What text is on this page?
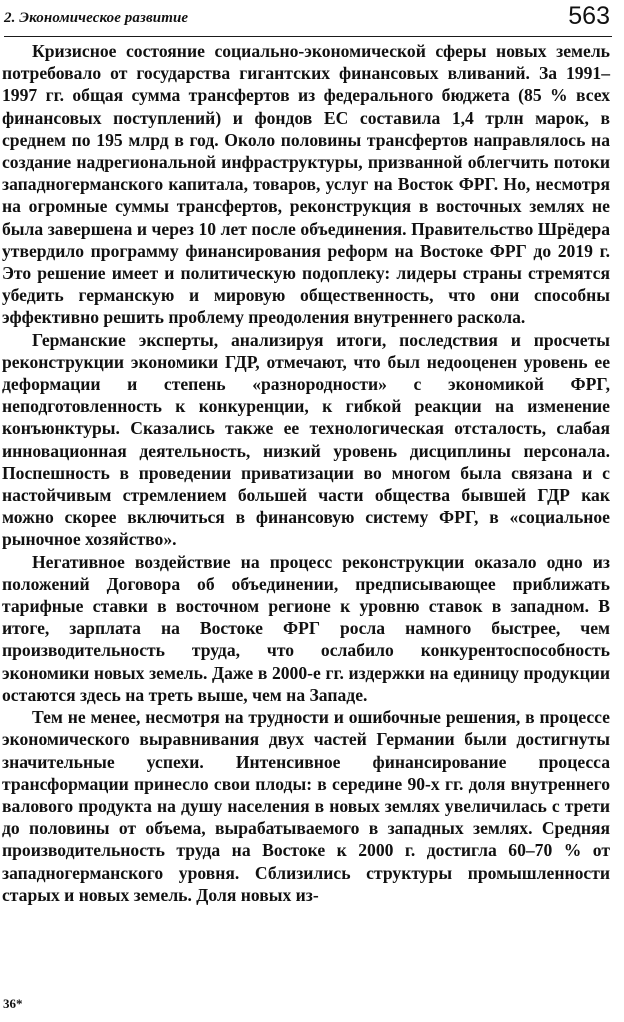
2. Экономическое развитие	563

Кризисное состояние социально-экономической сферы новых земель потребовало от государства гигантских финансовых вливаний. За 1991–1997 гг. общая сумма трансфертов из федерального бюджета (85 % всех финансовых поступлений) и фондов ЕС составила 1,4 трлн марок, в среднем по 195 млрд в год. Около половины трансфертов направлялось на создание надрегиональной инфраструктуры, призванной облегчить потоки западногерманского капитала, товаров, услуг на Восток ФРГ. Но, несмотря на огромные суммы трансфертов, реконструкция в восточных землях не была завершена и через 10 лет после объединения. Правительство Шрёдера утвердило программу финансирования реформ на Востоке ФРГ до 2019 г. Это решение имеет и политическую подоплеку: лидеры страны стремятся убедить германскую и мировую общественность, что они способны эффективно решить проблему преодоления внутреннего раскола.

Германские эксперты, анализируя итоги, последствия и просчеты реконструкции экономики ГДР, отмечают, что был недооценен уровень ее деформации и степень «разнородности» с экономикой ФРГ, неподготовленность к конкуренции, к гибкой реакции на изменение конъюнктуры. Сказались также ее технологическая отсталость, слабая инновационная деятельность, низкий уровень дисциплины персонала. Поспешность в проведении приватизации во многом была связана и с настойчивым стремлением большей части общества бывшей ГДР как можно скорее включиться в финансовую систему ФРГ, в «социальное рыночное хозяйство».

Негативное воздействие на процесс реконструкции оказало одно из положений Договора об объединении, предписывающее приближать тарифные ставки в восточном регионе к уровню ставок в западном. В итоге, зарплата на Востоке ФРГ росла намного быстрее, чем производительность труда, что ослабило конкурентоспособность экономики новых земель. Даже в 2000-е гг. издержки на единицу продукции остаются здесь на треть выше, чем на Западе.

Тем не менее, несмотря на трудности и ошибочные решения, в процессе экономического выравнивания двух частей Германии были достигнуты значительные успехи. Интенсивное финансирование процесса трансформации принесло свои плоды: в середине 90-х гг. доля внутреннего валового продукта на душу населения в новых землях увеличилась с трети до половины от объема, вырабатываемого в западных землях. Средняя производительность труда на Востоке к 2000 г. достигла 60–70 % от западногерманского уровня. Сблизились структуры промышленности старых и новых земель. Доля новых из-

36*
